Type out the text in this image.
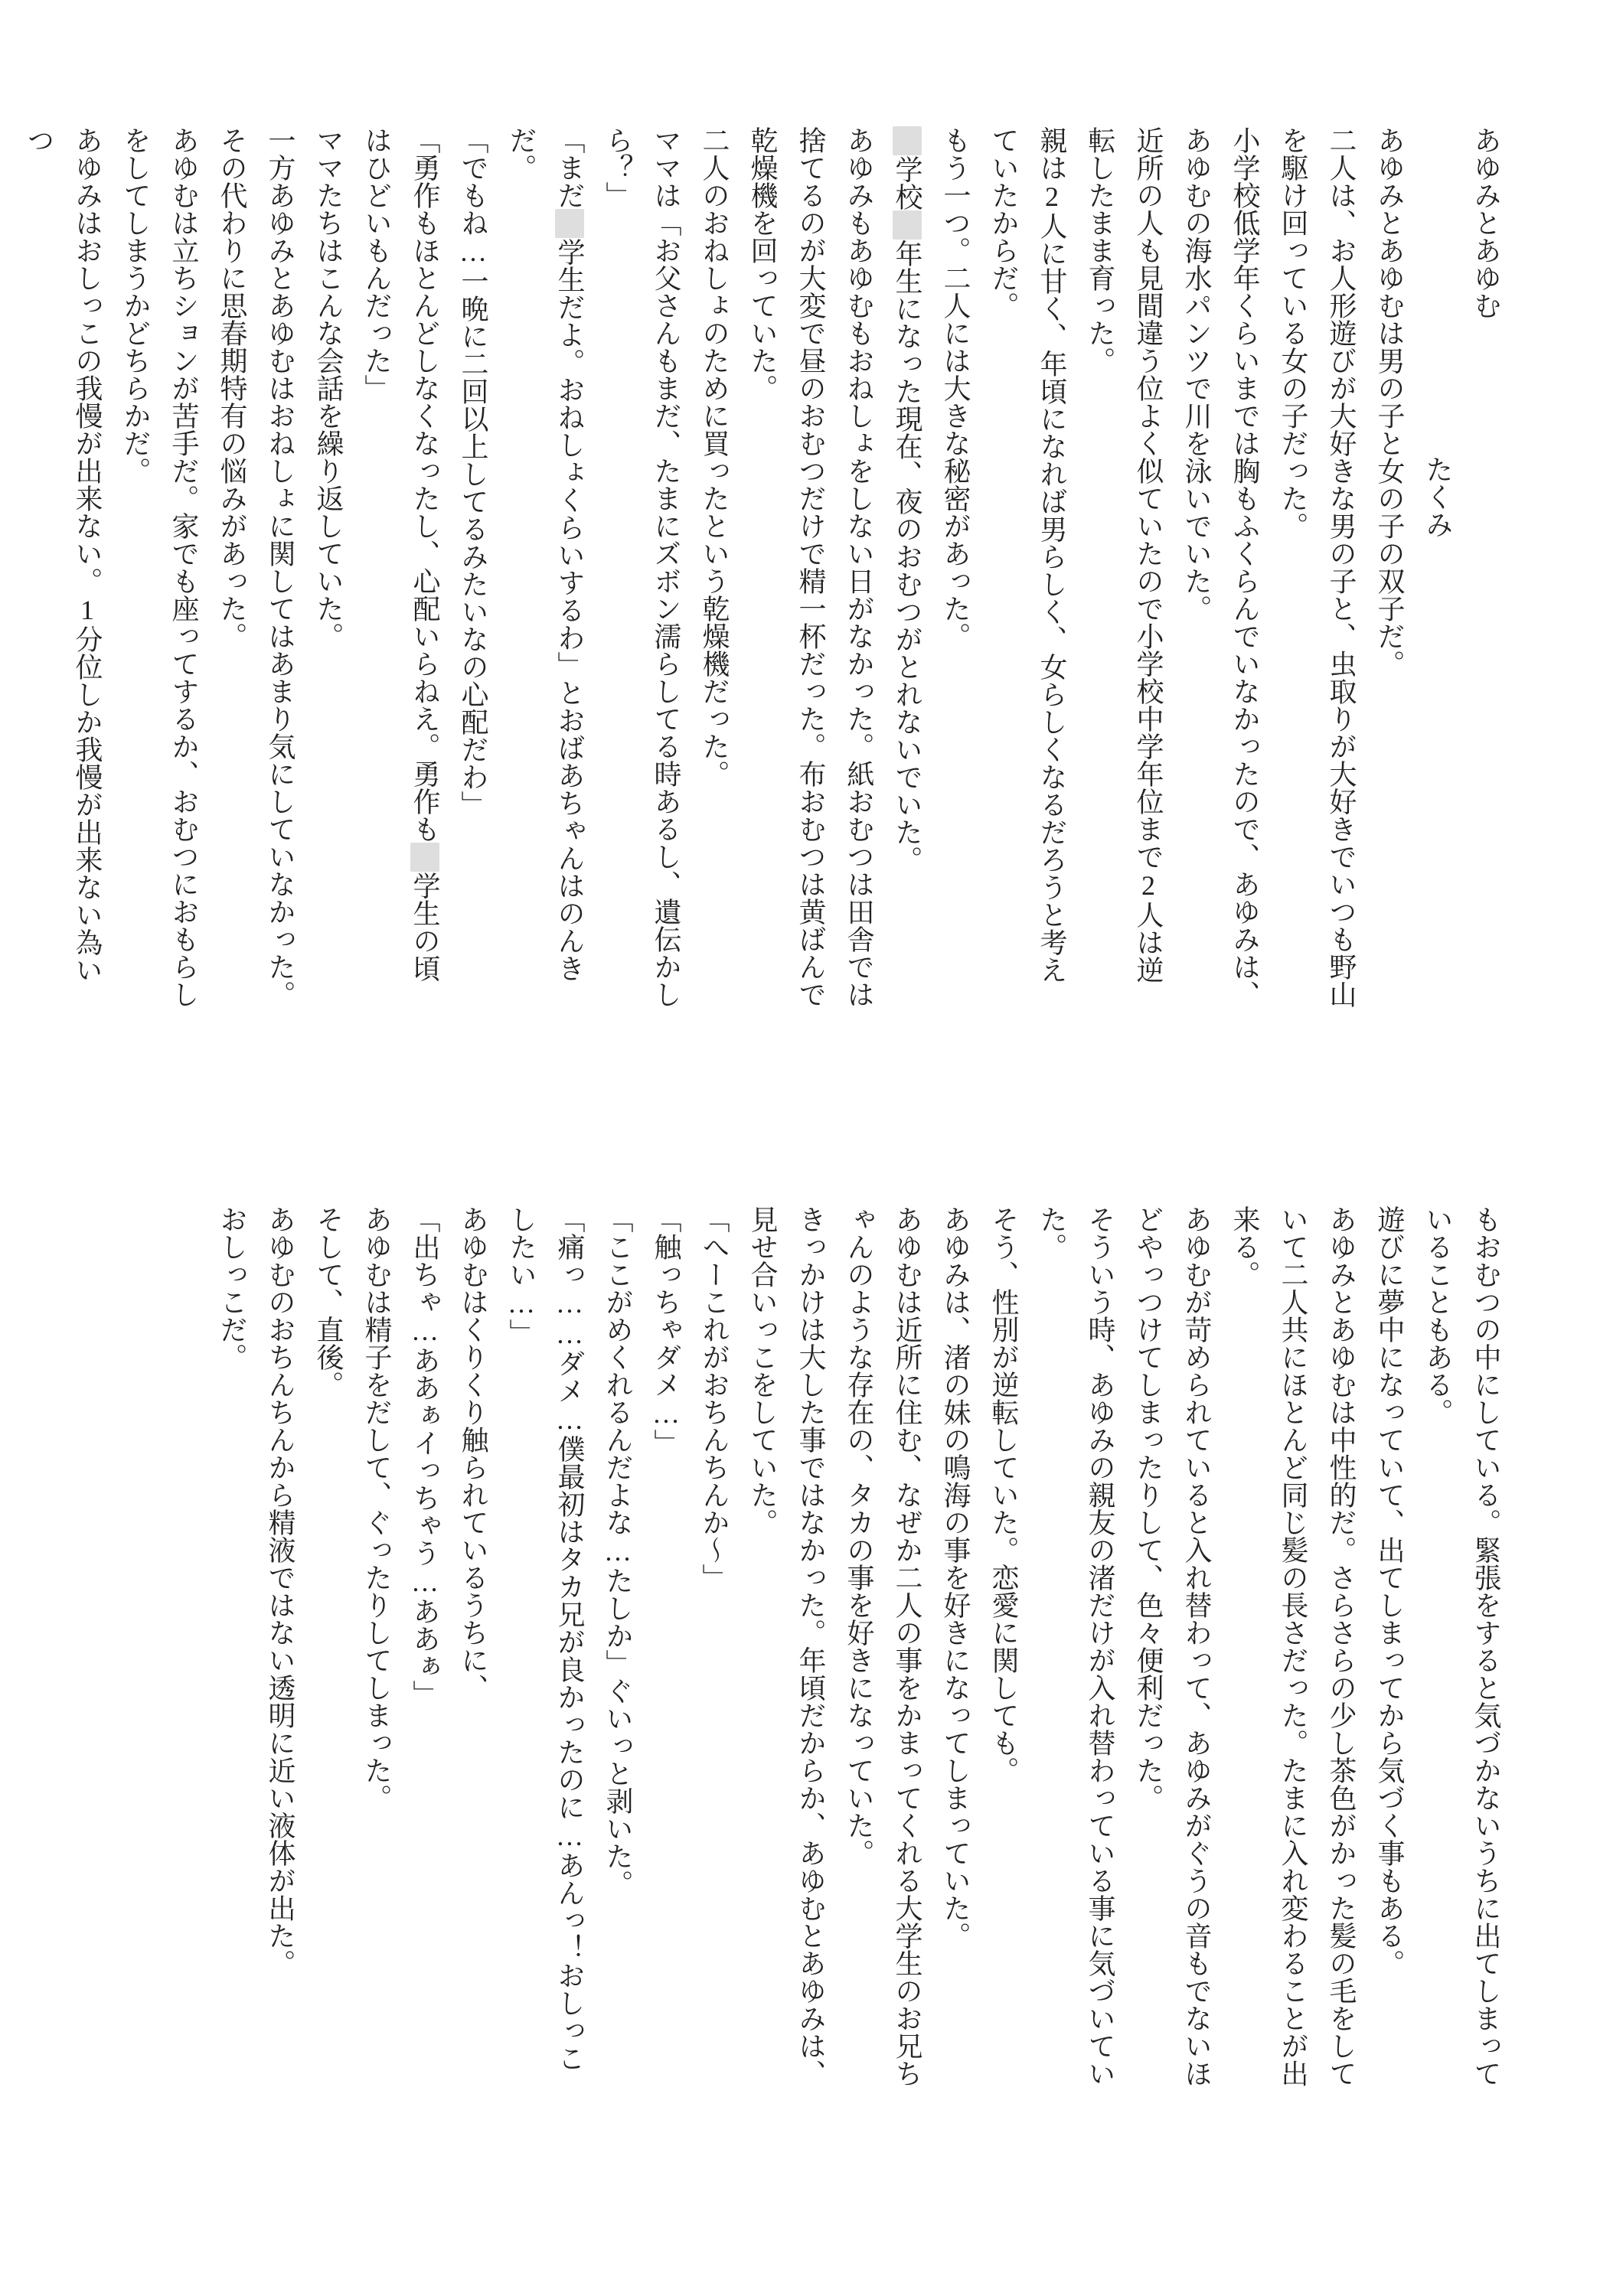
あゆみとあゆむ

たくみ

あゆみとあゆむは男の子と女の子の双子だ。

二人は、お人形遊びが大好きな男の子と、虫取りが大好きでいつも野山を駆け回っている女の子だった。

小学校低学年くらいまでは胸もふくらんでいなかったので、あゆみは、あゆむの海水パンツで川を泳いでいた。

近所の人も見間違う位よく似ていたので小学校中学年位まで2人は逆転したまま育った。

親は2人に甘く、年頃になれば男らしく、女らしくなるだろうと考えていたからだ。

もう一つ。二人には大きな秘密があった。

学校年生になった現在、夜のおむつがとれないでいた。

あゆみもあゆむもおねしょをしない日がなかった。紙おむつは田舎では捨てるのが大変で昼のおむつだけで精一杯だった。布おむつは黄ばんで乾燥機を回っていた。

二人のおねしょのために買ったという乾燥機だった。

ママは「お父さんもまだ、たまにズボン濡らしてる時あるし、遺伝かしら？」

「まだ学生だよ。おねしょくらいするわ」とおばあちゃんはのんきだ。

「でもね…一晩に二回以上してるみたいなの心配だわ」

「勇作もほとんどしなくなったし、心配いらねえ。勇作も学生の頃はひどいもんだった」

ママたちはこんな会話を繰り返していた。

一方あゆみとあゆむはおねしょに関してはあまり気にしていなかった。

その代わりに思春期特有の悩みがあった。

あゆむは立ちションが苦手だ。家でも座ってするか、おむつにおもらしをしてしまうかどちらかだ。

あゆみはおしっこの我慢が出来ない。1分位しか我慢が出来ない為いつ

もおむつの中にしている。緊張をすると気づかないうちに出てしまっていることもある。

遊びに夢中になっていて、出てしまってから気づく事もある。

あゆみとあゆむは中性的だ。さらさらの少し茶色がかった髪の毛をしていて二人共にほとんど同じ髪の長さだった。たまに入れ変わることが出来る。

あゆむが苛められていると入れ替わって、あゆみがぐうの音もでないほどやっつけてしまったりして、色々便利だった。

そういう時、あゆみの親友の渚だけが入れ替わっている事に気づいていた。

そう、性別が逆転していた。恋愛に関しても。

あゆみは、渚の妹の鳴海の事を好きになってしまっていた。

あゆむは近所に住む、なぜか二人の事をかまってくれる大学生のお兄ちゃんのような存在の、タカの事を好きになっていた。

きっかけは大した事ではなかった。年頃だからか、あゆむとあゆみは、見せ合いっこをしていた。

「へーこれがおちんちんか〜」

「触っちゃダメ…」

「ここがめくれるんだよな…たしか」ぐいっと剥いた。

「痛っ……ダメ…僕最初はタカ兄が良かったのに…あんっ！おしっこしたい…」

あゆむはくりくり触られているうちに、

「出ちゃ…ああぁイっちゃう…ああぁ」

あゆむは精子をだして、ぐったりしてしまった。

そして、直後。

あゆむのおちんちんから精液ではない透明に近い液体が出た。

おしっこだ。
